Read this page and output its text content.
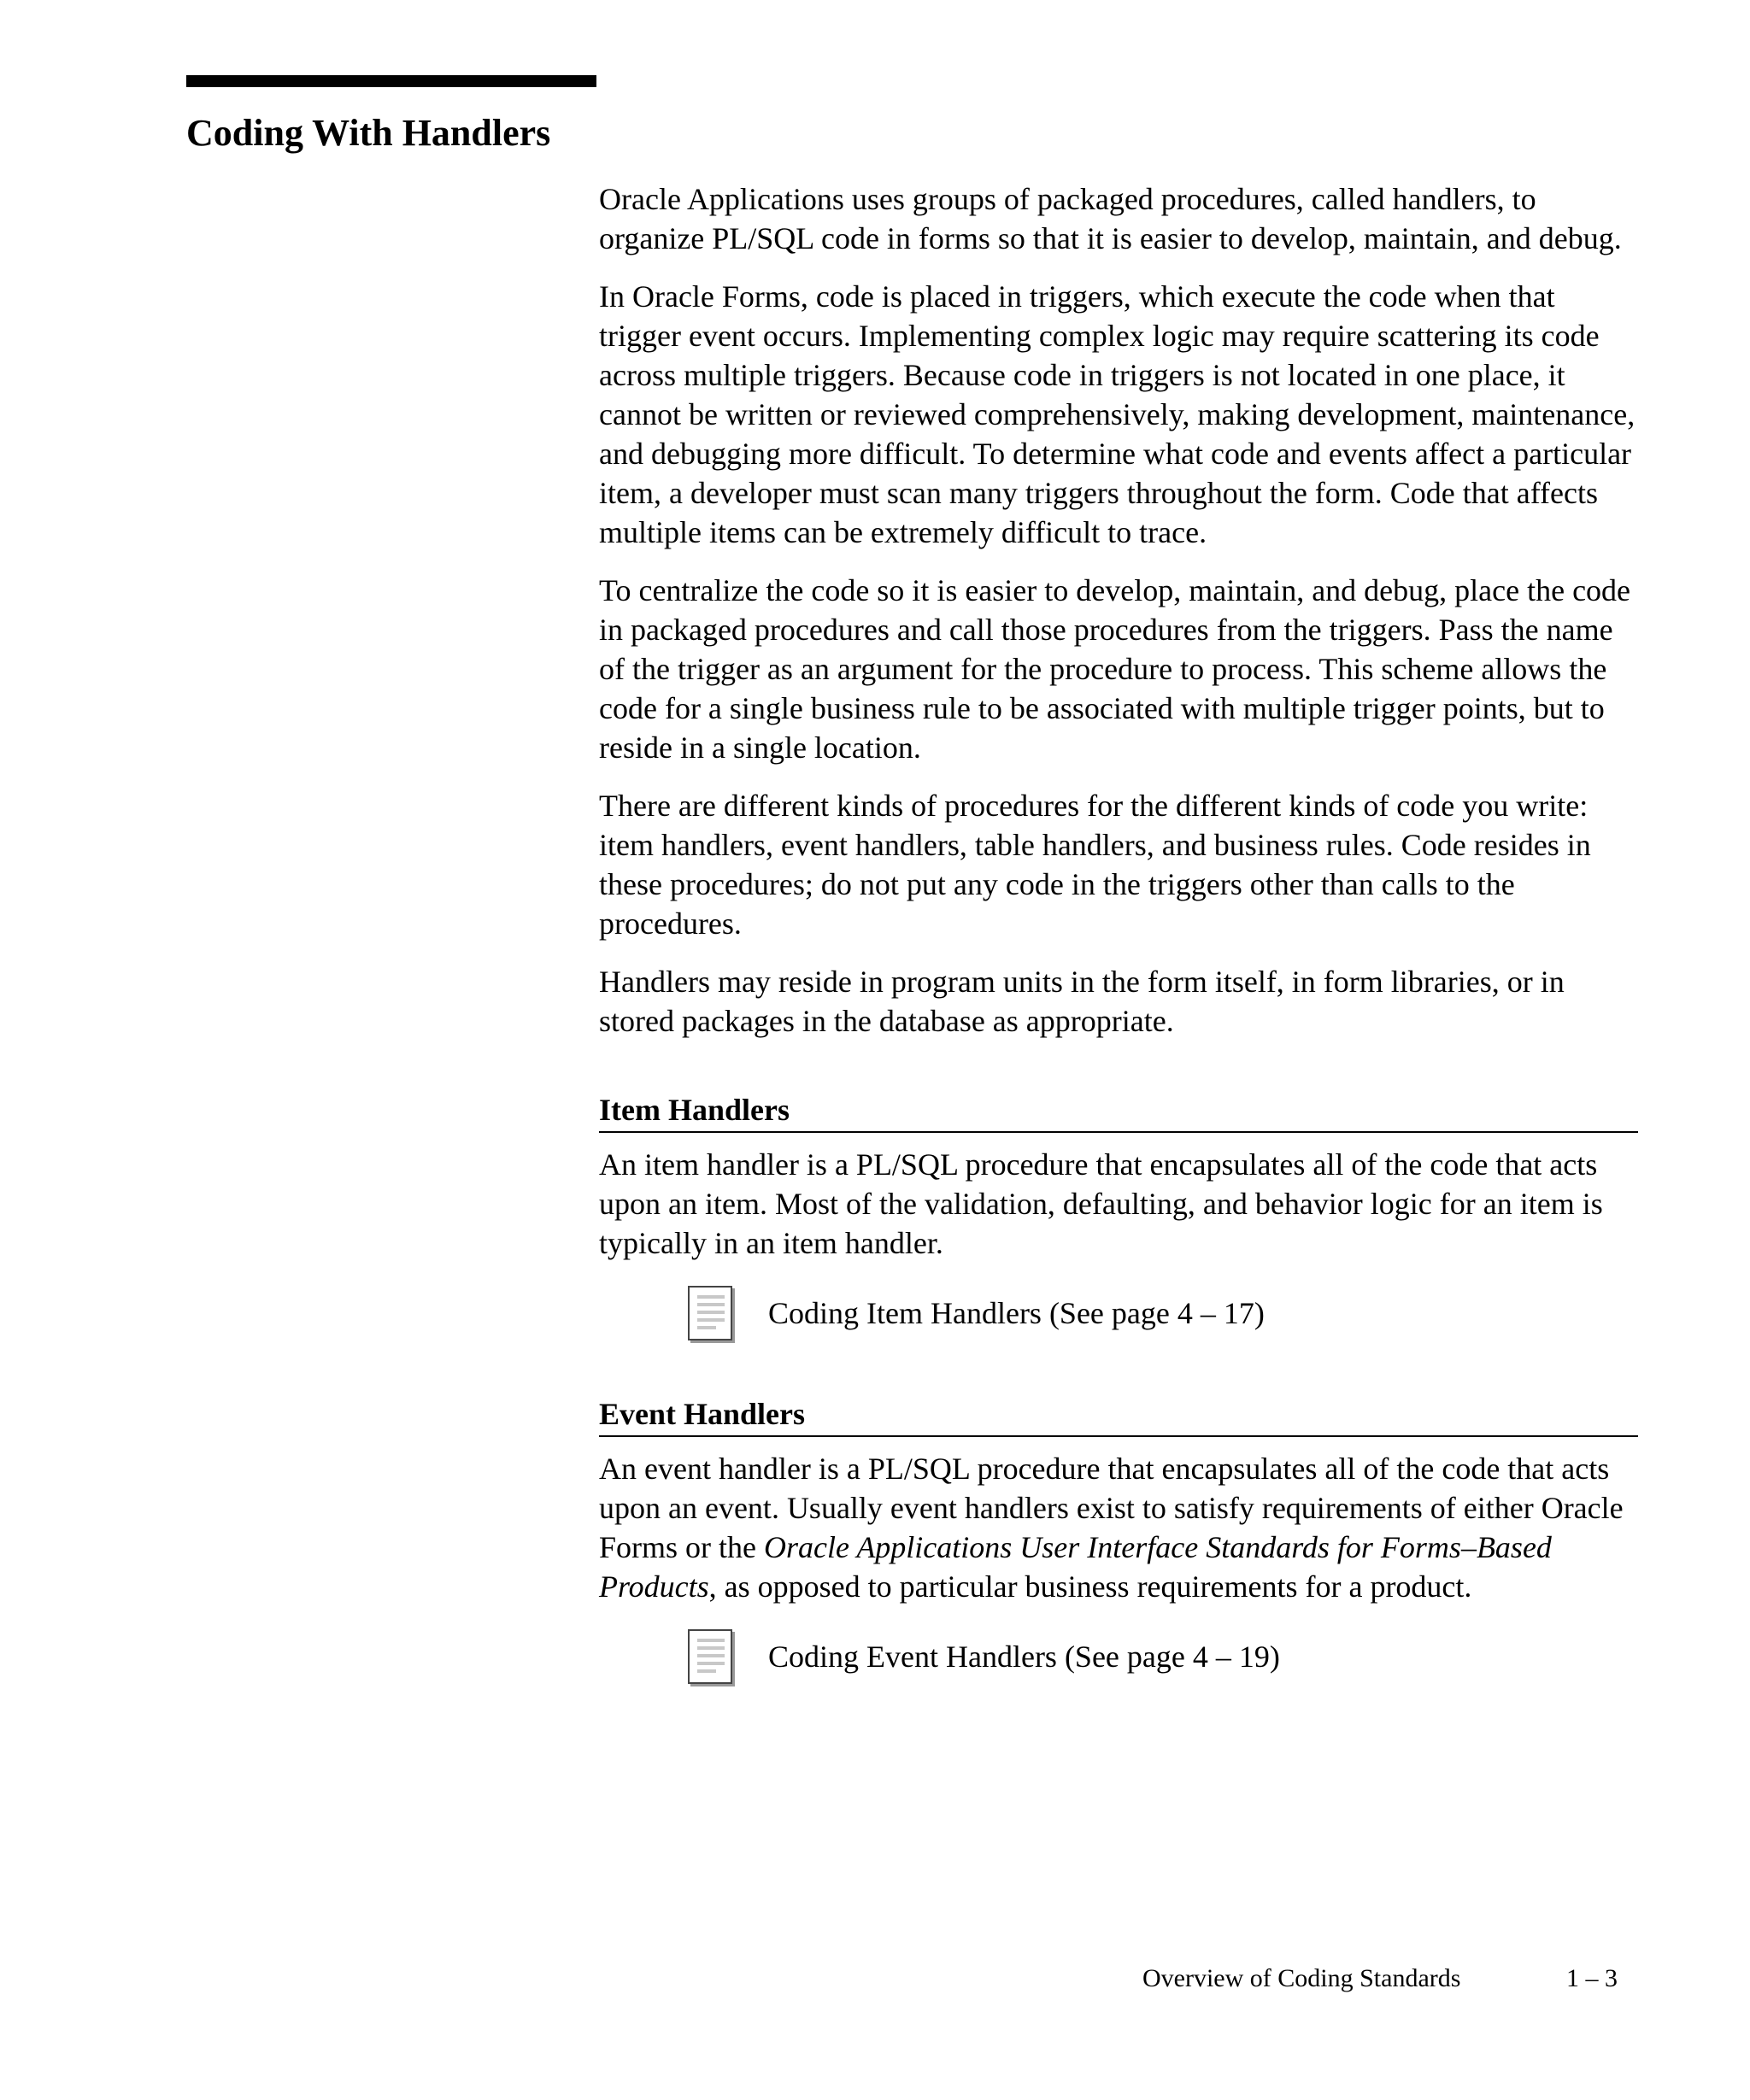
Coding With Handlers

Oracle Applications uses groups of packaged procedures, called handlers, to organize PL/SQL code in forms so that it is easier to develop, maintain, and debug.

In Oracle Forms, code is placed in triggers, which execute the code when that trigger event occurs. Implementing complex logic may require scattering its code across multiple triggers. Because code in triggers is not located in one place, it cannot be written or reviewed comprehensively, making development, maintenance, and debugging more difficult. To determine what code and events affect a particular item, a developer must scan many triggers throughout the form. Code that affects multiple items can be extremely difficult to trace.

To centralize the code so it is easier to develop, maintain, and debug, place the code in packaged procedures and call those procedures from the triggers. Pass the name of the trigger as an argument for the procedure to process. This scheme allows the code for a single business rule to be associated with multiple trigger points, but to reside in a single location.

There are different kinds of procedures for the different kinds of code you write: item handlers, event handlers, table handlers, and business rules. Code resides in these procedures; do not put any code in the triggers other than calls to the procedures.

Handlers may reside in program units in the form itself, in form libraries, or in stored packages in the database as appropriate.

Item Handlers

An item handler is a PL/SQL procedure that encapsulates all of the code that acts upon an item. Most of the validation, defaulting, and behavior logic for an item is typically in an item handler.

Coding Item Handlers (See page 4 – 17)
Event Handlers

An event handler is a PL/SQL procedure that encapsulates all of the code that acts upon an event. Usually event handlers exist to satisfy requirements of either Oracle Forms or the Oracle Applications User Interface Standards for Forms–Based Products, as opposed to particular business requirements for a product.

Coding Event Handlers (See page 4 – 19)
Overview of Coding Standards	1 – 3
